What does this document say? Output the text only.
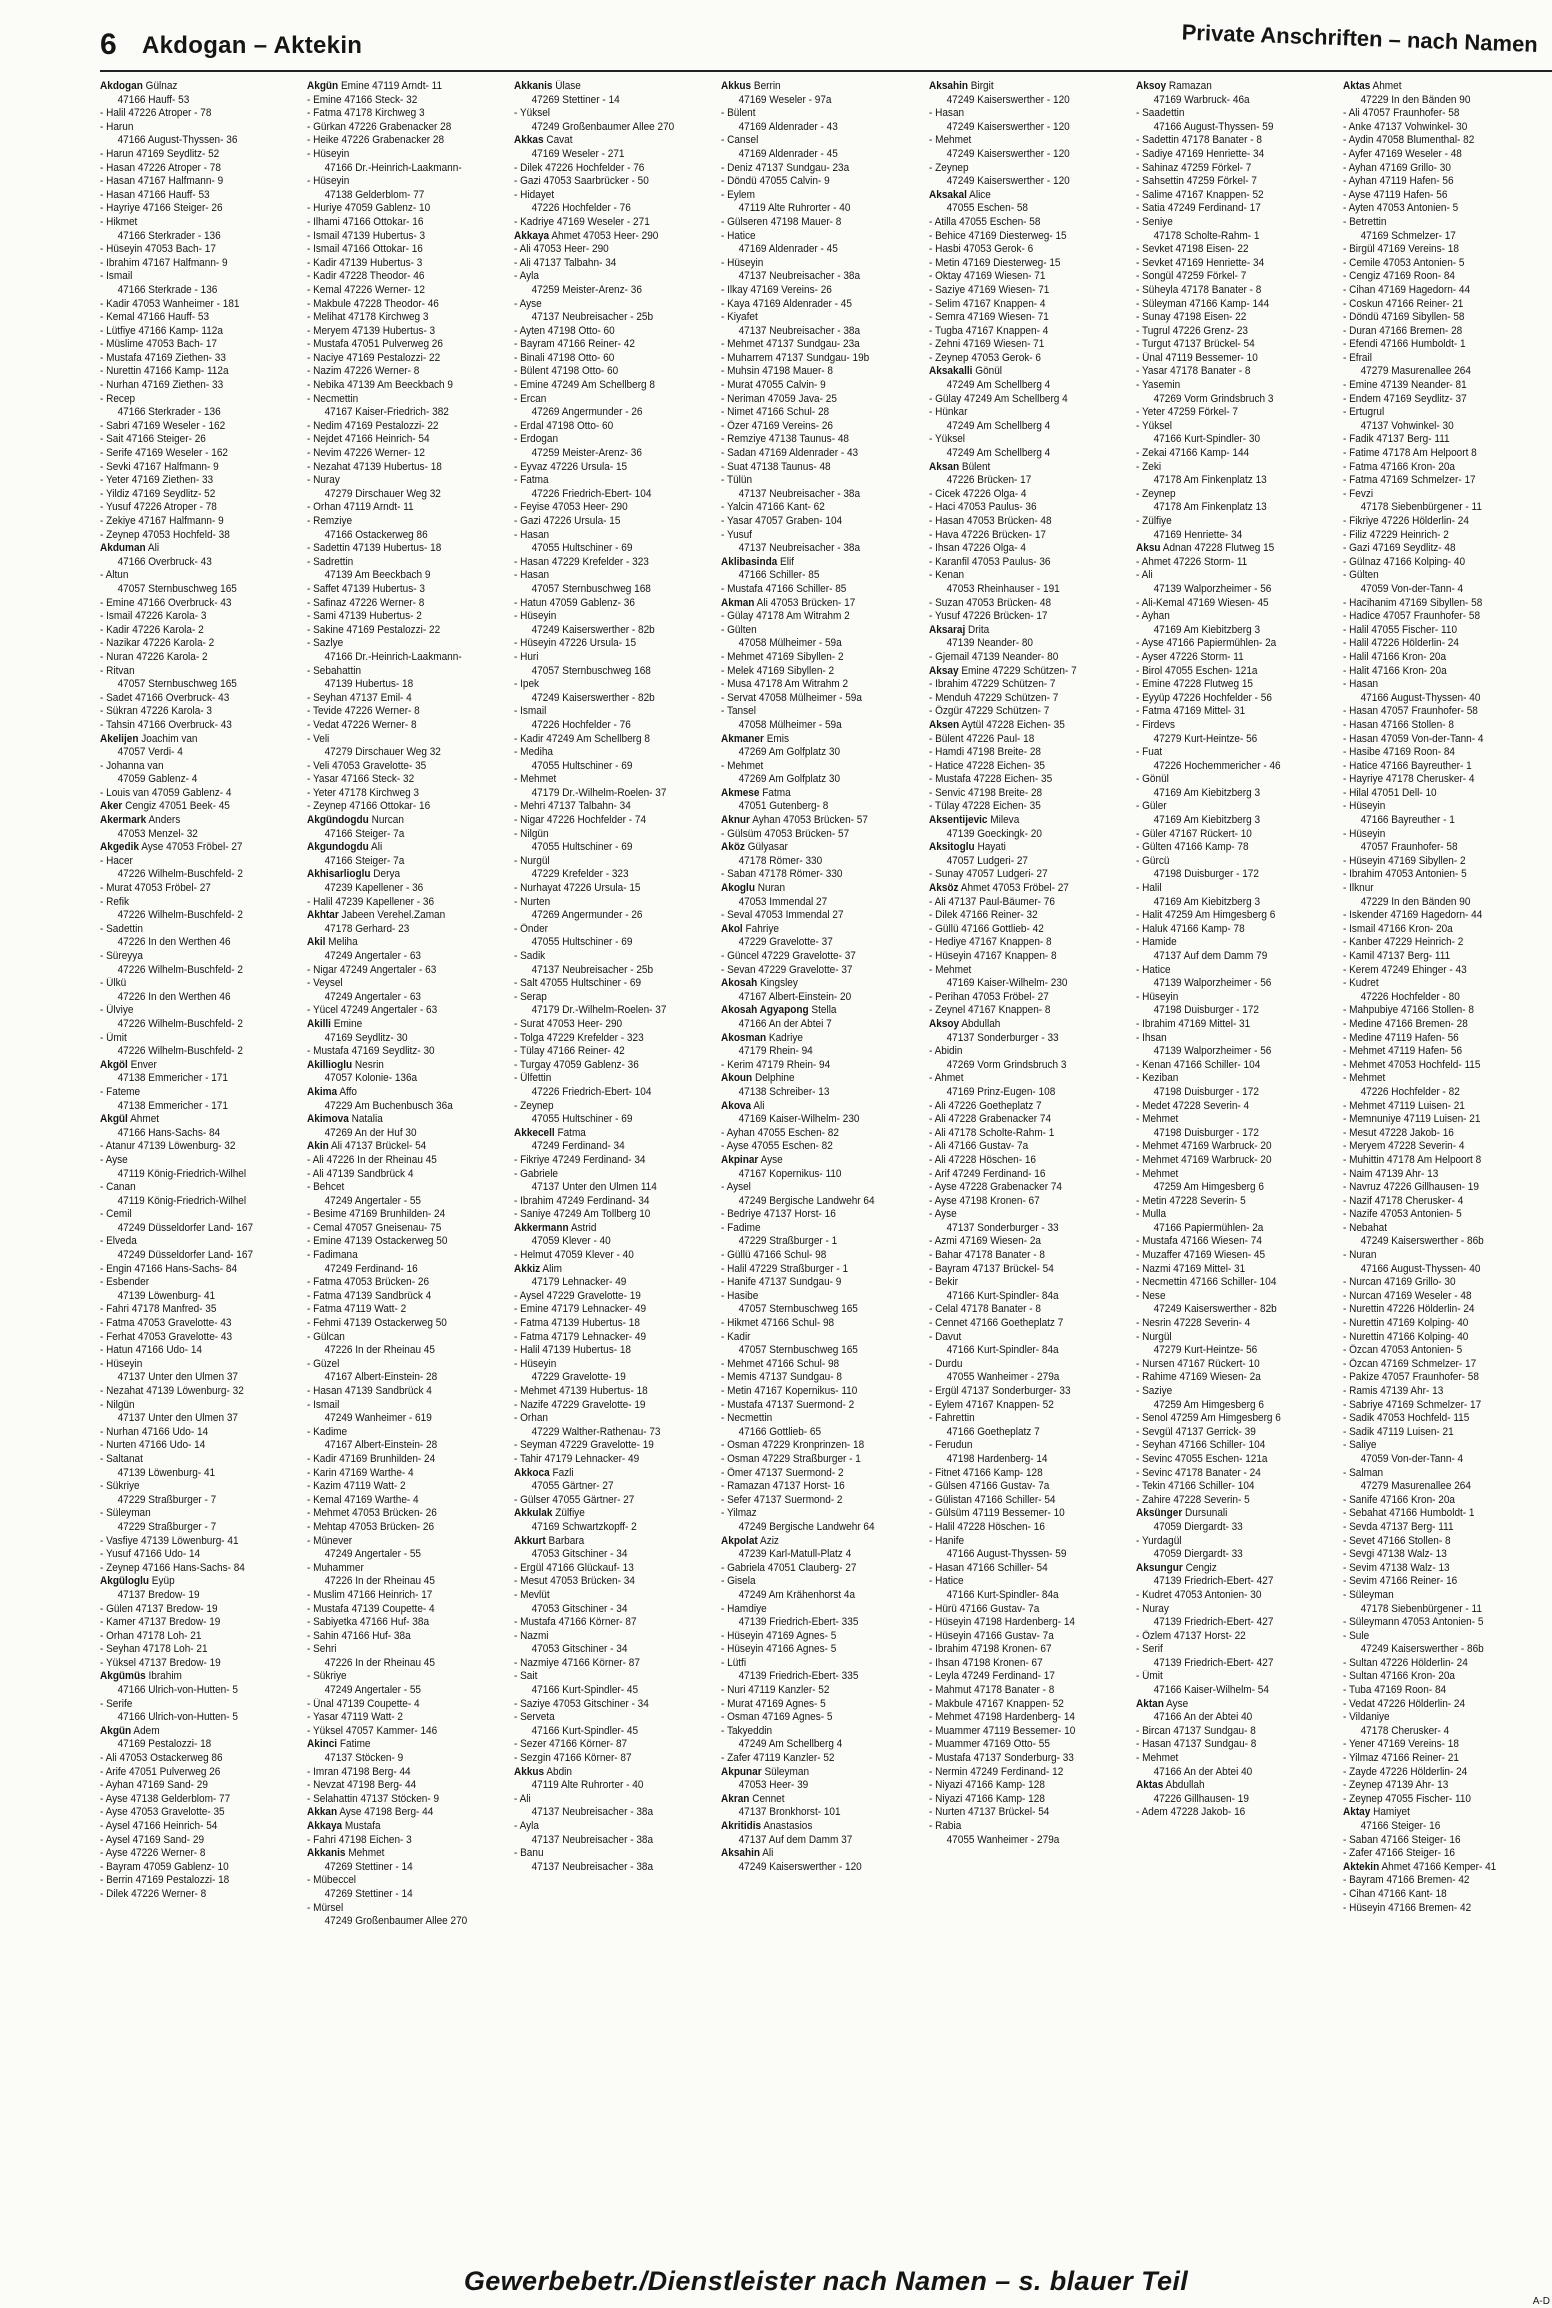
6 Akdogan – Aktekin	Private Anschriften – nach Namen
Akdogan Gülnaz
47166 Hauff- 53
- Halil 47226 Atroper - 78
- Harun
47166 August-Thyssen- 36
- Harun 47169 Seydlitz- 52
- Hasan 47226 Atroper - 78
- Hasan 47167 Halfmann- 9
- Hasan 47166 Hauff- 53
- Hayriye 47166 Steiger- 26
- Hikmet
47166 Sterkrader - 136
- Hüseyin 47053 Bach- 17
- Ibrahim 47167 Halfmann- 9
- Ismail
47166 Sterkrade - 136
- Kadir 47053 Wanheimer - 181
- Kemal 47166 Hauff- 53
- Lütfiye 47166 Kamp- 112a
- Müslime 47053 Bach- 17
- Mustafa 47169 Ziethen- 33
- Nurettin 47166 Kamp- 112a
- Nurhan 47169 Ziethen- 33
- Recep
47166 Sterkrader - 136
- Sabri 47169 Weseler - 162
- Sait 47166 Steiger- 26
- Serife 47169 Weseler - 162
- Sevki 47167 Halfmann- 9
- Yeter 47169 Ziethen- 33
- Yildiz 47169 Seydlitz- 52
- Yusuf 47226 Atroper - 78
- Zekiye 47167 Halfmann- 9
- Zeynep 47053 Hochfeld- 38
Akduman Ali
47166 Overbruck- 43
- Altun
47057 Sternbuschweg 165
- Emine 47166 Overbruck- 43
- Ismail 47226 Karola- 3
- Kadir 47226 Karola- 2
- Nazikar 47226 Karola- 2
- Nuran 47226 Karola- 2
- Ritvan
47057 Sternbuschweg 165
- Sadet 47166 Overbruck- 43
- Sükran 47226 Karola- 3
- Tahsin 47166 Overbruck- 43
Akelijen Joachim van
47057 Verdi- 4
- Johanna van
47059 Gablenz- 4
- Louis van 47059 Gablenz- 4
Aker Cengiz 47051 Beek- 45
Akermark Anders
47053 Menzel- 32
Akgedik Ayse 47053 Fröbel- 27
- Hacer
47226 Wilhelm-Buschfeld- 2
- Murat 47053 Fröbel- 27
- Refik
47226 Wilhelm-Buschfeld- 2
- Sadettin
47226 In den Werthen 46
- Süreyya
47226 Wilhelm-Buschfeld- 2
- Ülkü
47226 In den Werthen 46
- Ülviye
47226 Wilhelm-Buschfeld- 2
- Ümit
47226 Wilhelm-Buschfeld- 2
Akgöl Enver
47138 Emmericher - 171
- Fateme
47138 Emmericher - 171
Akgül Ahmet
47166 Hans-Sachs- 84
- Atanur 47139 Löwenburg- 32
- Ayse
47119 König-Friedrich-Wilhel
- Canan
47119 König-Friedrich-Wilhel
- Cemil
47249 Düsseldorfer Land- 167
- Elveda
47249 Düsseldorfer Land- 167
- Engin 47166 Hans-Sachs- 84
- Esbender
47139 Löwenburg- 41
- Fahri 47178 Manfred- 35
- Fatma 47053 Gravelotte- 43
- Ferhat 47053 Gravelotte- 43
- Hatun 47166 Udo- 14
- Hüseyin
47137 Unter den Ulmen 37
- Nezahat 47139 Löwenburg- 32
- Nilgün
47137 Unter den Ulmen 37
- Nurhan 47166 Udo- 14
- Nurten 47166 Udo- 14
- Saltanat
47139 Löwenburg- 41
- Sükriye
47229 Straßburger - 7
- Süleyman
47229 Straßburger - 7
- Vasfiye 47139 Löwenburg- 41
- Yusuf 47166 Udo- 14
- Zeynep 47166 Hans-Sachs- 84
Akgüloglu Eyüp
47137 Bredow- 19
- Gülen 47137 Bredow- 19
- Kamer 47137 Bredow- 19
- Orhan 47178 Loh- 21
- Seyhan 47178 Loh- 21
- Yüksel 47137 Bredow- 19
Akgümüs Ibrahim
47166 Ulrich-von-Hutten- 5
- Serife
47166 Ulrich-von-Hutten- 5
Akgün Adem
47169 Pestalozzi- 18
- Ali 47053 Ostackerweg 86
- Arife 47051 Pulverweg 26
- Ayhan 47169 Sand- 29
- Ayse 47138 Gelderblom- 77
- Ayse 47053 Gravelotte- 35
- Aysel 47166 Heinrich- 54
- Aysel 47169 Sand- 29
- Ayse 47226 Werner- 8
- Bayram 47059 Gablenz- 10
- Berrin 47169 Pestalozzi- 18
- Dilek 47226 Werner- 8
Akgün Emine 47119 Arndt- 11
- Emine 47166 Steck- 32
- Fatma 47178 Kirchweg 3
- Gürkan 47226 Grabenacker 28
- Heike 47226 Grabenacker 28
- Hüseyin
47166 Dr.-Heinrich-Laakmann-
- Hüseyin
47138 Gelderblom- 77
- Huriye 47059 Gablenz- 10
- Ilhami 47166 Ottokar- 16
- Ismail 47139 Hubertus- 3
- Ismail 47166 Ottokar- 16
- Kadir 47139 Hubertus- 3
- Kadir 47228 Theodor- 46
- Kemal 47226 Werner- 12
- Makbule 47228 Theodor- 46
- Melihat 47178 Kirchweg 3
- Meryem 47139 Hubertus- 3
- Mustafa 47051 Pulverweg 26
- Naciye 47169 Pestalozzi- 22
- Nazim 47226 Werner- 8
- Nebika 47139 Am Beeckbach 9
- Necmettin
47167 Kaiser-Friedrich- 382
- Nedim 47169 Pestalozzi- 22
- Nejdet 47166 Heinrich- 54
- Nevim 47226 Werner- 12
- Nezahat 47139 Hubertus- 18
- Nuray
47279 Dirschauer Weg 32
- Orhan 47119 Arndt- 11
- Remziye
47166 Ostackerweg 86
- Sadettin 47139 Hubertus- 18
- Sadrettin
47139 Am Beeckbach 9
- Saffet 47139 Hubertus- 3
- Safinaz 47226 Werner- 8
- Sami 47139 Hubertus- 2
- Sakine 47169 Pestalozzi- 22
- Sazlye
47166 Dr.-Heinrich-Laakmann-
- Sebahattin
47139 Hubertus- 18
- Seyhan 47137 Emil- 4
- Tevide 47226 Werner- 8
- Vedat 47226 Werner- 8
- Veli
47279 Dirschauer Weg 32
- Veli 47053 Gravelotte- 35
- Yasar 47166 Steck- 32
- Yeter 47178 Kirchweg 3
- Zeynep 47166 Ottokar- 16
Akgündogdu Nurcan
47166 Steiger- 7a
Akgundogdu Ali
47166 Steiger- 7a
Akhisarlioglu Derya
47239 Kapellener - 36
- Halil 47239 Kapellener - 36
Akhtar Jabeen Verehel.Zaman
47178 Gerhard- 23
Akil Meliha
47249 Angertaler - 63
- Nigar 47249 Angertaler - 63
- Veysel
47249 Angertaler - 63
- Yücel 47249 Angertaler - 63
Akilli Emine
47169 Seydlitz- 30
- Mustafa 47169 Seydlitz- 30
Akillioglu Nesrin
47057 Kolonie- 136a
Akima Affo
47229 Am Buchenbusch 36a
Akimova Natalia
47269 An der Huf 30
Akin Ali 47137 Brückel- 54
- Ali 47226 In der Rheinau 45
- Ali 47139 Sandbrück 4
- Behcet
47249 Angertaler - 55
- Besime 47169 Brunhilden- 24
- Cemal 47057 Gneisenau- 75
- Emine 47139 Ostackerweg 50
- Fadimana
47249 Ferdinand- 16
- Fatma 47053 Brücken- 26
- Fatma 47139 Sandbrück 4
- Fatma 47119 Watt- 2
- Fehmi 47139 Ostackerweg 50
- Gülcan
47226 In der Rheinau 45
- Güzel
47167 Albert-Einstein- 28
- Hasan 47139 Sandbrück 4
- Ismail
47249 Wanheimer - 619
- Kadime
47167 Albert-Einstein- 28
- Kadir 47169 Brunhilden- 24
- Karin 47169 Warthe- 4
- Kazim 47119 Watt- 2
- Kemal 47169 Warthe- 4
- Mehmet 47053 Brücken- 26
- Mehtap 47053 Brücken- 26
- Münever
47249 Angertaler - 55
- Muhammer
47226 In der Rheinau 45
- Muslim 47166 Heinrich- 17
- Mustafa 47139 Coupette- 4
- Sabiyetka 47166 Huf- 38a
- Sahin 47166 Huf- 38a
- Sehri
47226 In der Rheinau 45
- Sükriye
47249 Angertaler - 55
- Ünal 47139 Coupette- 4
- Yasar 47119 Watt- 2
- Yüksel 47057 Kammer- 146
Akinci Fatime
47137 Stöcken- 9
- Imran 47198 Berg- 44
- Nevzat 47198 Berg- 44
- Selahattin 47137 Stöcken- 9
Akkan Ayse 47198 Berg- 44
Akkaya Mustafa
- Fahri 47198 Eichen- 3
Akkanis Mehmet
47269 Stettiner - 14
- Mübeccel
47269 Stettiner - 14
- Mürsel
47249 Großenbaumer Allee 270
Akkanis Ülase
47269 Stettiner - 14
- Yüksel
47249 Großenbaumer Allee 270
Akkas Cavat
47169 Weseler - 271
- Dilek 47226 Hochfelder - 76
- Gazi 47053 Saarbrücker - 50
- Hidayet
47226 Hochfelder - 76
- Kadriye 47169 Weseler - 271
Akkaya Ahmet 47053 Heer- 290
- Ali 47053 Heer- 290
- Ali 47137 Talbahn- 34
- Ayla
47259 Meister-Arenz- 36
- Ayse
47137 Neubreisacher - 25b
- Ayten 47198 Otto- 60
- Bayram 47166 Reiner- 42
- Binali 47198 Otto- 60
- Bülent 47198 Otto- 60
- Emine 47249 Am Schellberg 8
- Ercan
47269 Angermunder - 26
- Erdal 47198 Otto- 60
- Erdogan
47259 Meister-Arenz- 36
- Eyvaz 47226 Ursula- 15
- Fatma
47226 Friedrich-Ebert- 104
- Feyise 47053 Heer- 290
- Gazi 47226 Ursula- 15
- Hasan
47055 Hultschiner - 69
- Hasan 47229 Krefelder - 323
- Hasan
47057 Sternbuschweg 168
- Hatun 47059 Gablenz- 36
- Hüseyin
47249 Kaiserswerther - 82b
- Hüseyin 47226 Ursula- 15
- Huri
47057 Sternbuschweg 168
- Ipek
47249 Kaiserswerther - 82b
- Ismail
47226 Hochfelder - 76
- Kadir 47249 Am Schellberg 8
- Mediha
47055 Hultschiner - 69
- Mehmet
47179 Dr.-Wilhelm-Roelen- 37
- Mehri 47137 Talbahn- 34
- Nigar 47226 Hochfelder - 74
- Nilgün
47055 Hultschiner - 69
- Nurgül
47229 Krefelder - 323
- Nurhayat 47226 Ursula- 15
- Nurten
47269 Angermunder - 26
- Önder
47055 Hultschiner - 69
- Sadik
47137 Neubreisacher - 25b
- Salt 47055 Hultschiner - 69
- Serap
47179 Dr.-Wilhelm-Roelen- 37
- Surat 47053 Heer- 290
- Tolga 47229 Krefelder - 323
- Tülay 47166 Reiner- 42
- Turgay 47059 Gablenz- 36
- Ülfettin
47226 Friedrich-Ebert- 104
- Zeynep
47055 Hultschiner - 69
Akkecell Fatma
47249 Ferdinand- 34
- Fikriye 47249 Ferdinand- 34
- Gabriele
47137 Unter den Ulmen 114
- Ibrahim 47249 Ferdinand- 34
- Saniye 47249 Am Tollberg 10
Akkermann Astrid
47059 Klever - 40
- Helmut 47059 Klever - 40
Akkiz Alim
47179 Lehnacker- 49
- Aysel 47229 Gravelotte- 19
- Emine 47179 Lehnacker- 49
- Fatma 47139 Hubertus- 18
- Fatma 47179 Lehnacker- 49
- Halil 47139 Hubertus- 18
- Hüseyin
47229 Gravelotte- 19
- Mehmet 47139 Hubertus- 18
- Nazife 47229 Gravelotte- 19
- Orhan
47229 Walther-Rathenau- 73
- Seyman 47229 Gravelotte- 19
- Tahir 47179 Lehnacker- 49
Akkoca Fazli
47055 Gärtner- 27
- Gülser 47055 Gärtner- 27
Akkulak Zülfiye
47169 Schwartzkopff- 2
Akkurt Barbara
47053 Gitschiner - 34
- Ergül 47166 Glückauf- 13
- Mesut 47053 Brücken- 34
- Mevlüt
47053 Gitschiner - 34
- Mustafa 47166 Körner- 87
- Nazmi
47053 Gitschiner - 34
- Nazmiye 47166 Körner- 87
- Sait
47166 Kurt-Spindler- 45
- Saziye 47053 Gitschiner - 34
- Serveta
47166 Kurt-Spindler- 45
- Sezer 47166 Körner- 87
- Sezgin 47166 Körner- 87
Akkus Abdin
47119 Alte Ruhrorter - 40
- Ali
47137 Neubreisacher - 38a
- Ayla
47137 Neubreisacher - 38a
- Banu
47137 Neubreisacher - 38a
Akkus Berrin
47169 Weseler - 97a
- Bülent
47169 Aldenrader - 43
- Cansel
47169 Aldenrader - 45
- Deniz 47137 Sundgau- 23a
- Döndü 47055 Calvin- 9
- Eylem
47119 Alte Ruhrorter - 40
- Gülseren 47198 Mauer- 8
- Hatice
47169 Aldenrader - 45
- Hüseyin
47137 Neubreisacher - 38a
- Ilkay 47169 Vereins- 26
- Kaya 47169 Aldenrader - 45
- Kiyafet
47137 Neubreisacher - 38a
- Mehmet 47137 Sundgau- 23a
- Muharrem 47137 Sundgau- 19b
- Muhsin 47198 Mauer- 8
- Murat 47055 Calvin- 9
- Neriman 47059 Java- 25
- Nimet 47166 Schul- 28
- Özer 47169 Vereins- 26
- Remziye 47138 Taunus- 48
- Sadan 47169 Aldenrader - 43
- Suat 47138 Taunus- 48
- Tülün
47137 Neubreisacher - 38a
- Yalcin 47166 Kant- 62
- Yasar 47057 Graben- 104
- Yusuf
47137 Neubreisacher - 38a
Aklibasinda Elif
47166 Schiller- 85
- Mustafa 47166 Schiller- 85
Akman Ali 47053 Brücken- 17
- Gülay 47178 Am Witrahm 2
- Gülten
47058 Mülheimer - 59a
- Mehmet 47169 Sibyllen- 2
- Melek 47169 Sibyllen- 2
- Musa 47178 Am Witrahm 2
- Servat 47058 Mülheimer - 59a
- Tansel
47058 Mülheimer - 59a
Akmaner Emis
47269 Am Golfplatz 30
- Mehmet
47269 Am Golfplatz 30
Akmese Fatma
47051 Gutenberg- 8
Aknur Ayhan 47053 Brücken- 57
- Gülsüm 47053 Brücken- 57
Aköz Gülyasar
47178 Römer- 330
- Saban 47178 Römer- 330
Akoglu Nuran
47053 Immendal 27
- Seval 47053 Immendal 27
Akol Fahriye
47229 Gravelotte- 37
- Güncel 47229 Gravelotte- 37
- Sevan 47229 Gravelotte- 37
Akosah Kingsley
47167 Albert-Einstein- 20
Akosah Agyapong Stella
47166 An der Abtei 7
Akosman Kadriye
47179 Rhein- 94
- Kerim 47179 Rhein- 94
Akoun Delphine
47138 Schreiber- 13
Akova Ali
47169 Kaiser-Wilhelm- 230
- Ayhan 47055 Eschen- 82
- Ayse 47055 Eschen- 82
Akpinar Ayse
47167 Kopernikus- 110
- Aysel
47249 Bergische Landwehr 64
- Bedriye 47137 Horst- 16
- Fadime
47229 Straßburger - 1
- Güllü 47166 Schul- 98
- Halil 47229 Straßburger - 1
- Hanife 47137 Sundgau- 9
- Hasibe
47057 Sternbuschweg 165
- Hikmet 47166 Schul- 98
- Kadir
47057 Sternbuschweg 165
- Mehmet 47166 Schul- 98
- Memis 47137 Sundgau- 8
- Metin 47167 Kopernikus- 110
- Mustafa 47137 Suermond- 2
- Necmettin
47166 Gottlieb- 65
- Osman 47229 Kronprinzen- 18
- Osman 47229 Straßburger - 1
- Ömer 47137 Suermond- 2
- Ramazan 47137 Horst- 16
- Sefer 47137 Suermond- 2
- Yilmaz
47249 Bergische Landwehr 64
Akpolat Aziz
47239 Karl-Matull-Platz 4
- Gabriela 47051 Clauberg- 27
- Gisela
47249 Am Krähenhorst 4a
- Hamdiye
47139 Friedrich-Ebert- 335
- Hüseyin 47169 Agnes- 5
- Hüseyin 47166 Agnes- 5
- Lütfi
47139 Friedrich-Ebert- 335
- Nuri 47119 Kanzler- 52
- Murat 47169 Agnes- 5
- Osman 47169 Agnes- 5
- Takyeddin
47249 Am Schellberg 4
- Zafer 47119 Kanzler- 52
Akpunar Süleyman
47053 Heer- 39
Akran Cennet
47137 Bronkhorst- 101
Akritidis Anastasios
47137 Auf dem Damm 37
Aksahin Ali
47249 Kaiserswerther - 120
Aksahin Birgit
47249 Kaiserswerther - 120
- Hasan
47249 Kaiserswerther - 120
- Mehmet
47249 Kaiserswerther - 120
- Zeynep
47249 Kaiserswerther - 120
Aksakal Alice
47055 Eschen- 58
- Atilla 47055 Eschen- 58
- Behice 47169 Diesterweg- 15
- Hasbi 47053 Gerok- 6
- Metin 47169 Diesterweg- 15
- Oktay 47169 Wiesen- 71
- Saziye 47169 Wiesen- 71
- Selim 47167 Knappen- 4
- Semra 47169 Wiesen- 71
- Tugba 47167 Knappen- 4
- Zehni 47169 Wiesen- 71
- Zeynep 47053 Gerok- 6
Aksakalli Gönül
47249 Am Schellberg 4
- Gülay 47249 Am Schellberg 4
- Hünkar
47249 Am Schellberg 4
- Yüksel
47249 Am Schellberg 4
Aksan Bülent
47226 Brücken- 17
- Cicek 47226 Olga- 4
- Haci 47053 Paulus- 36
- Hasan 47053 Brücken- 48
- Hava 47226 Brücken- 17
- Ihsan 47226 Olga- 4
- Karanfil 47053 Paulus- 36
- Kenan
47053 Rheinhauser - 191
- Suzan 47053 Brücken- 48
- Yusuf 47226 Brücken- 17
Aksaraj Drita
47139 Neander- 80
- Gjemail 47139 Neander- 80
Aksay Emine 47229 Schützen- 7
- Ibrahim 47229 Schützen- 7
- Menduh 47229 Schützen- 7
- Özgür 47229 Schützen- 7
Aksen Aytül 47228 Eichen- 35
- Bülent 47226 Paul- 18
- Hamdi 47198 Breite- 28
- Hatice 47228 Eichen- 35
- Mustafa 47228 Eichen- 35
- Senvic 47198 Breite- 28
- Tülay 47228 Eichen- 35
Aksentijevic Mileva
47139 Goeckingk- 20
Aksitoglu Hayati
47057 Ludgeri- 27
- Sunay 47057 Ludgeri- 27
Aksöz Ahmet 47053 Fröbel- 27
- Ali 47137 Paul-Bäumer- 76
- Dilek 47166 Reiner- 32
- Güllü 47166 Gottlieb- 42
- Hediye 47167 Knappen- 8
- Hüseyin 47167 Knappen- 8
- Mehmet
47169 Kaiser-Wilhelm- 230
- Perihan 47053 Fröbel- 27
- Zeynel 47167 Knappen- 8
Aksoy Abdullah
47137 Sonderburger - 33
- Abidin
47269 Vorm Grindsbruch 3
- Ahmet
47169 Prinz-Eugen- 108
- Ali 47226 Goetheplatz 7
- Ali 47228 Grabenacker 74
- Ali 47178 Scholte-Rahm- 1
- Ali 47166 Gustav- 7a
- Ali 47228 Höschen- 16
- Arif 47249 Ferdinand- 16
- Ayse 47228 Grabenacker 74
- Ayse 47198 Kronen- 67
- Ayse
47137 Sonderburger - 33
- Azmi 47169 Wiesen- 2a
- Bahar 47178 Banater - 8
- Bayram 47137 Brückel- 54
- Bekir
47166 Kurt-Spindler- 84a
- Celal 47178 Banater - 8
- Cennet 47166 Goetheplatz 7
- Davut
47166 Kurt-Spindler- 84a
- Durdu
47055 Wanheimer - 279a
- Ergül 47137 Sonderburger- 33
- Eylem 47167 Knappen- 52
- Fahrettin
47166 Goetheplatz 7
- Ferudun
47198 Hardenberg- 14
- Fitnet 47166 Kamp- 128
- Gülsen 47166 Gustav- 7a
- Gülistan 47166 Schiller- 54
- Gülsüm 47119 Bessemer- 10
- Halil 47228 Höschen- 16
- Hanife
47166 August-Thyssen- 59
- Hasan 47166 Schiller- 54
- Hatice
47166 Kurt-Spindler- 84a
- Hürü 47166 Gustav- 7a
- Hüseyin 47198 Hardenberg- 14
- Hüseyin 47166 Gustav- 7a
- Ibrahim 47198 Kronen- 67
- Ihsan 47198 Kronen- 67
- Leyla 47249 Ferdinand- 17
- Mahmut 47178 Banater - 8
- Makbule 47167 Knappen- 52
- Mehmet 47198 Hardenberg- 14
- Muammer 47119 Bessemer- 10
- Muammer 47169 Otto- 55
- Mustafa 47137 Sonderburg- 33
- Nermin 47249 Ferdinand- 12
- Niyazi 47166 Kamp- 128
- Niyazi 47166 Kamp- 128
- Nurten 47137 Brückel- 54
- Rabia
47055 Wanheimer - 279a
Aksoy Ramazan
47169 Warbruck- 46a
- Saadettin
47166 August-Thyssen- 59
- Sadettin 47178 Banater - 8
- Sadiye 47169 Henriette- 34
- Sahinaz 47259 Förkel- 7
- Sahsettin 47259 Förkel- 7
- Salime 47167 Knappen- 52
- Satia 47249 Ferdinand- 17
- Seniye
47178 Scholte-Rahm- 1
- Sevket 47198 Eisen- 22
- Sevket 47169 Henriette- 34
- Songül 47259 Förkel- 7
- Süheyla 47178 Banater - 8
- Süleyman 47166 Kamp- 144
- Sunay 47198 Eisen- 22
- Tugrul 47226 Grenz- 23
- Turgut 47137 Brückel- 54
- Ünal 47119 Bessemer- 10
- Yasar 47178 Banater - 8
- Yasemin
47269 Vorm Grindsbruch 3
- Yeter 47259 Förkel- 7
- Yüksel
47166 Kurt-Spindler- 30
- Zekai 47166 Kamp- 144
- Zeki
47178 Am Finkenplatz 13
- Zeynep
47178 Am Finkenplatz 13
- Zülfiye
47169 Henriette- 34
Aksu Adnan 47228 Flutweg 15
- Ahmet 47226 Storm- 11
- Ali
47139 Walporzheimer - 56
- Ali-Kemal 47169 Wiesen- 45
- Ayhan
47169 Am Kiebitzberg 3
- Ayse 47166 Papiermühlen- 2a
- Ayser 47226 Storm- 11
- Birol 47055 Eschen- 121a
- Emine 47228 Flutweg 15
- Eyyüp 47226 Hochfelder - 56
- Fatma 47169 Mittel- 31
- Firdevs
47279 Kurt-Heintze- 56
- Fuat
47226 Hochemmericher - 46
- Gönül
47169 Am Kiebitzberg 3
- Güler
47169 Am Kiebitzberg 3
- Güler 47167 Rückert- 10
- Gülten 47166 Kamp- 78
- Gürcü
47198 Duisburger - 172
- Halil
47169 Am Kiebitzberg 3
- Halit 47259 Am Himgesberg 6
- Haluk 47166 Kamp- 78
- Hamide
47137 Auf dem Damm 79
- Hatice
47139 Walporzheimer - 56
- Hüseyin
47198 Duisburger - 172
- Ibrahim 47169 Mittel- 31
- Ihsan
47139 Walporzheimer - 56
- Kenan 47166 Schiller- 104
- Keziban
47198 Duisburger - 172
- Medet 47228 Severin- 4
- Mehmet
47198 Duisburger - 172
- Mehmet 47169 Warbruck- 20
- Mehmet 47169 Warbruck- 20
- Mehmet
47259 Am Himgesberg 6
- Metin 47228 Severin- 5
- Mulla
47166 Papiermühlen- 2a
- Mustafa 47166 Wiesen- 74
- Muzaffer 47169 Wiesen- 45
- Nazmi 47169 Mittel- 31
- Necmettin 47166 Schiller- 104
- Nese
47249 Kaiserswerther - 82b
- Nesrin 47228 Severin- 4
- Nurgül
47279 Kurt-Heintze- 56
- Nursen 47167 Rückert- 10
- Rahime 47169 Wiesen- 2a
- Saziye
47259 Am Himgesberg 6
- Senol 47259 Am Himgesberg 6
- Sevgül 47137 Gerrick- 39
- Seyhan 47166 Schiller- 104
- Sevinc 47055 Eschen- 121a
- Sevinc 47178 Banater - 24
- Tekin 47166 Schiller- 104
- Zahire 47228 Severin- 5
Aksünger Dursunali
47059 Diergardt- 33
- Yurdagül
47059 Diergardt- 33
Aksungur Cengiz
47139 Friedrich-Ebert- 427
- Kudret 47053 Antonien- 30
- Nuray
47139 Friedrich-Ebert- 427
- Özlem 47137 Horst- 22
- Serif
47139 Friedrich-Ebert- 427
- Ümit
47166 Kaiser-Wilhelm- 54
Aktan Ayse
47166 An der Abtei 40
- Bircan 47137 Sundgau- 8
- Hasan 47137 Sundgau- 8
- Mehmet
47166 An der Abtei 40
Aktas Abdullah
47226 Gillhausen- 19
- Adem 47228 Jakob- 16
Aktas Ahmet
47229 In den Bänden 90
- Ali 47057 Fraunhofer- 58
- Anke 47137 Vohwinkel- 30
- Aydin 47058 Blumenthal- 82
- Ayfer 47169 Weseler - 48
- Ayhan 47169 Grillo- 30
- Ayhan 47119 Hafen- 56
- Ayse 47119 Hafen- 56
- Ayten 47053 Antonien- 5
- Betrettin
47169 Schmelzer- 17
- Birgül 47169 Vereins- 18
- Cemile 47053 Antonien- 5
- Cengiz 47169 Roon- 84
- Cihan 47169 Hagedorn- 44
- Coskun 47166 Reiner- 21
- Döndü 47169 Sibyllen- 58
- Duran 47166 Bremen- 28
- Efendi 47166 Humboldt- 1
- Efrail
47279 Masurenallee 264
- Emine 47139 Neander- 81
- Endem 47169 Seydlitz- 37
- Ertugrul
47137 Vohwinkel- 30
- Fadik 47137 Berg- 111
- Fatime 47178 Am Helpoort 8
- Fatma 47166 Kron- 20a
- Fatma 47169 Schmelzer- 17
- Fevzi
47178 Siebenbürgener - 11
- Fikriye 47226 Hölderlin- 24
- Filiz 47229 Heinrich- 2
- Gazi 47169 Seydlitz- 48
- Gülnaz 47166 Kolping- 40
- Gülten
47059 Von-der-Tann- 4
- Hacihanim 47169 Sibyllen- 58
- Hadice 47057 Fraunhofer- 58
- Halil 47055 Fischer- 110
- Halil 47226 Hölderlin- 24
- Halil 47166 Kron- 20a
- Halit 47166 Kron- 20a
- Hasan
47166 August-Thyssen- 40
- Hasan 47057 Fraunhofer- 58
- Hasan 47166 Stollen- 8
- Hasan 47059 Von-der-Tann- 4
- Hasibe 47169 Roon- 84
- Hatice 47166 Bayreuther- 1
- Hayriye 47178 Cherusker- 4
- Hilal 47051 Dell- 10
- Hüseyin
47166 Bayreuther - 1
- Hüseyin
47057 Fraunhofer- 58
- Hüseyin 47169 Sibyllen- 2
- Ibrahim 47053 Antonien- 5
- Ilknur
47229 In den Bänden 90
- Iskender 47169 Hagedorn- 44
- Ismail 47166 Kron- 20a
- Kanber 47229 Heinrich- 2
- Kamil 47137 Berg- 111
- Kerem 47249 Ehinger - 43
- Kudret
47226 Hochfelder - 80
- Mahpubiye 47166 Stollen- 8
- Medine 47166 Bremen- 28
- Medine 47119 Hafen- 56
- Mehmet 47119 Hafen- 56
- Mehmet 47053 Hochfeld- 115
- Mehmet
47226 Hochfelder - 82
- Mehmet 47119 Luisen- 21
- Memnuniye 47119 Luisen- 21
- Mesut 47228 Jakob- 16
- Meryem 47228 Severin- 4
- Muhittin 47178 Am Helpoort 8
- Naim 47139 Ahr- 13
- Navruz 47226 Gillhausen- 19
- Nazif 47178 Cherusker- 4
- Nazife 47053 Antonien- 5
- Nebahat
47249 Kaiserswerther - 86b
- Nuran
47166 August-Thyssen- 40
- Nurcan 47169 Grillo- 30
- Nurcan 47169 Weseler - 48
- Nurettin 47226 Hölderlin- 24
- Nurettin 47169 Kolping- 40
- Nurettin 47166 Kolping- 40
- Özcan 47053 Antonien- 5
- Özcan 47169 Schmelzer- 17
- Pakize 47057 Fraunhofer- 58
- Ramis 47139 Ahr- 13
- Sabriye 47169 Schmelzer- 17
- Sadik 47053 Hochfeld- 115
- Sadik 47119 Luisen- 21
- Saliye
47059 Von-der-Tann- 4
- Salman
47279 Masurenallee 264
- Sanife 47166 Kron- 20a
- Sebahat 47166 Humboldt- 1
- Sevda 47137 Berg- 111
- Sevet 47166 Stollen- 8
- Sevgi 47138 Walz- 13
- Sevim 47138 Walz- 13
- Sevim 47166 Reiner- 16
- Süleyman
47178 Siebenbürgener - 11
- Süleymann 47053 Antonien- 5
- Sule
47249 Kaiserswerther - 86b
- Sultan 47226 Hölderlin- 24
- Sultan 47166 Kron- 20a
- Tuba 47169 Roon- 84
- Vedat 47226 Hölderlin- 24
- Vildaniye
47178 Cherusker- 4
- Yener 47169 Vereins- 18
- Yilmaz 47166 Reiner- 21
- Zayde 47226 Hölderlin- 24
- Zeynep 47139 Ahr- 13
- Zeynep 47055 Fischer- 110
Aktay Hamiyet
47166 Steiger- 16
- Saban 47166 Steiger- 16
- Zafer 47166 Steiger- 16
Aktekin Ahmet 47166 Kemper- 41
- Bayram 47166 Bremen- 42
- Cihan 47166 Kant- 18
- Hüseyin 47166 Bremen- 42
Gewerbebetr./Dienstleister nach Namen – s. blauer Teil
A-D
